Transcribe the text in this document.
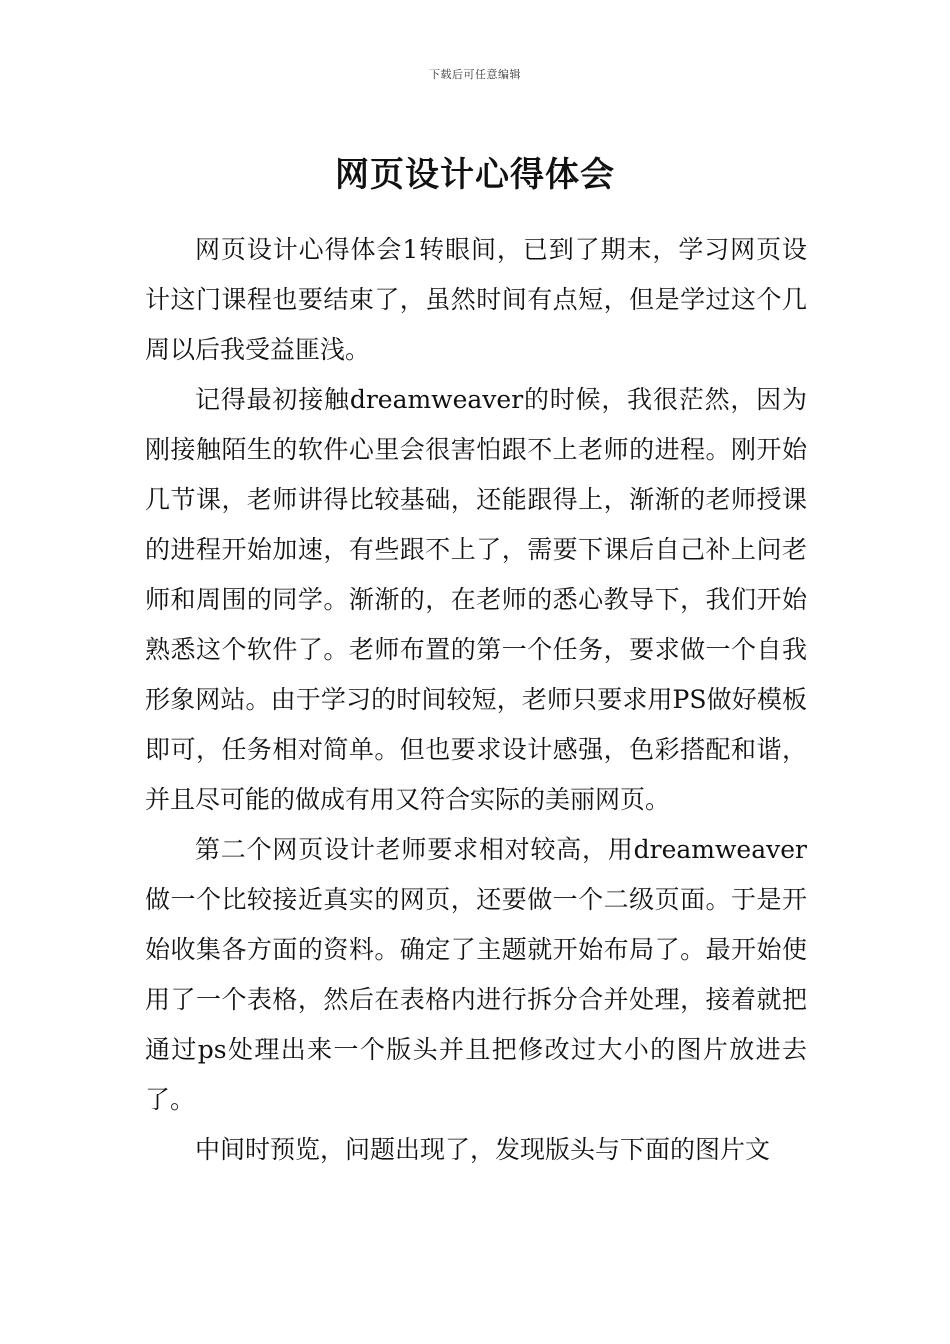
下载后可任意编辑
网页设计心得体会

网页设计心得体会1转眼间，已到了期末，学习网页设计这门课程也要结束了，虽然时间有点短，但是学过这个几周以后我受益匪浅。

记得最初接触dreamweaver的时候，我很茫然，因为刚接触陌生的软件心里会很害怕跟不上老师的进程。刚开始几节课，老师讲得比较基础，还能跟得上，渐渐的老师授课的进程开始加速，有些跟不上了，需要下课后自己补上问老师和周围的同学。渐渐的，在老师的悉心教导下，我们开始熟悉这个软件了。老师布置的第一个任务，要求做一个自我形象网站。由于学习的时间较短，老师只要求用PS做好模板即可，任务相对简单。但也要求设计感强，色彩搭配和谐，并且尽可能的做成有用又符合实际的美丽网页。

第二个网页设计老师要求相对较高，用dreamweaver做一个比较接近真实的网页，还要做一个二级页面。于是开始收集各方面的资料。确定了主题就开始布局了。最开始使用了一个表格，然后在表格内进行拆分合并处理，接着就把通过ps处理出来一个版头并且把修改过大小的图片放进去了。

中间时预览，问题出现了，发现版头与下面的图片文
